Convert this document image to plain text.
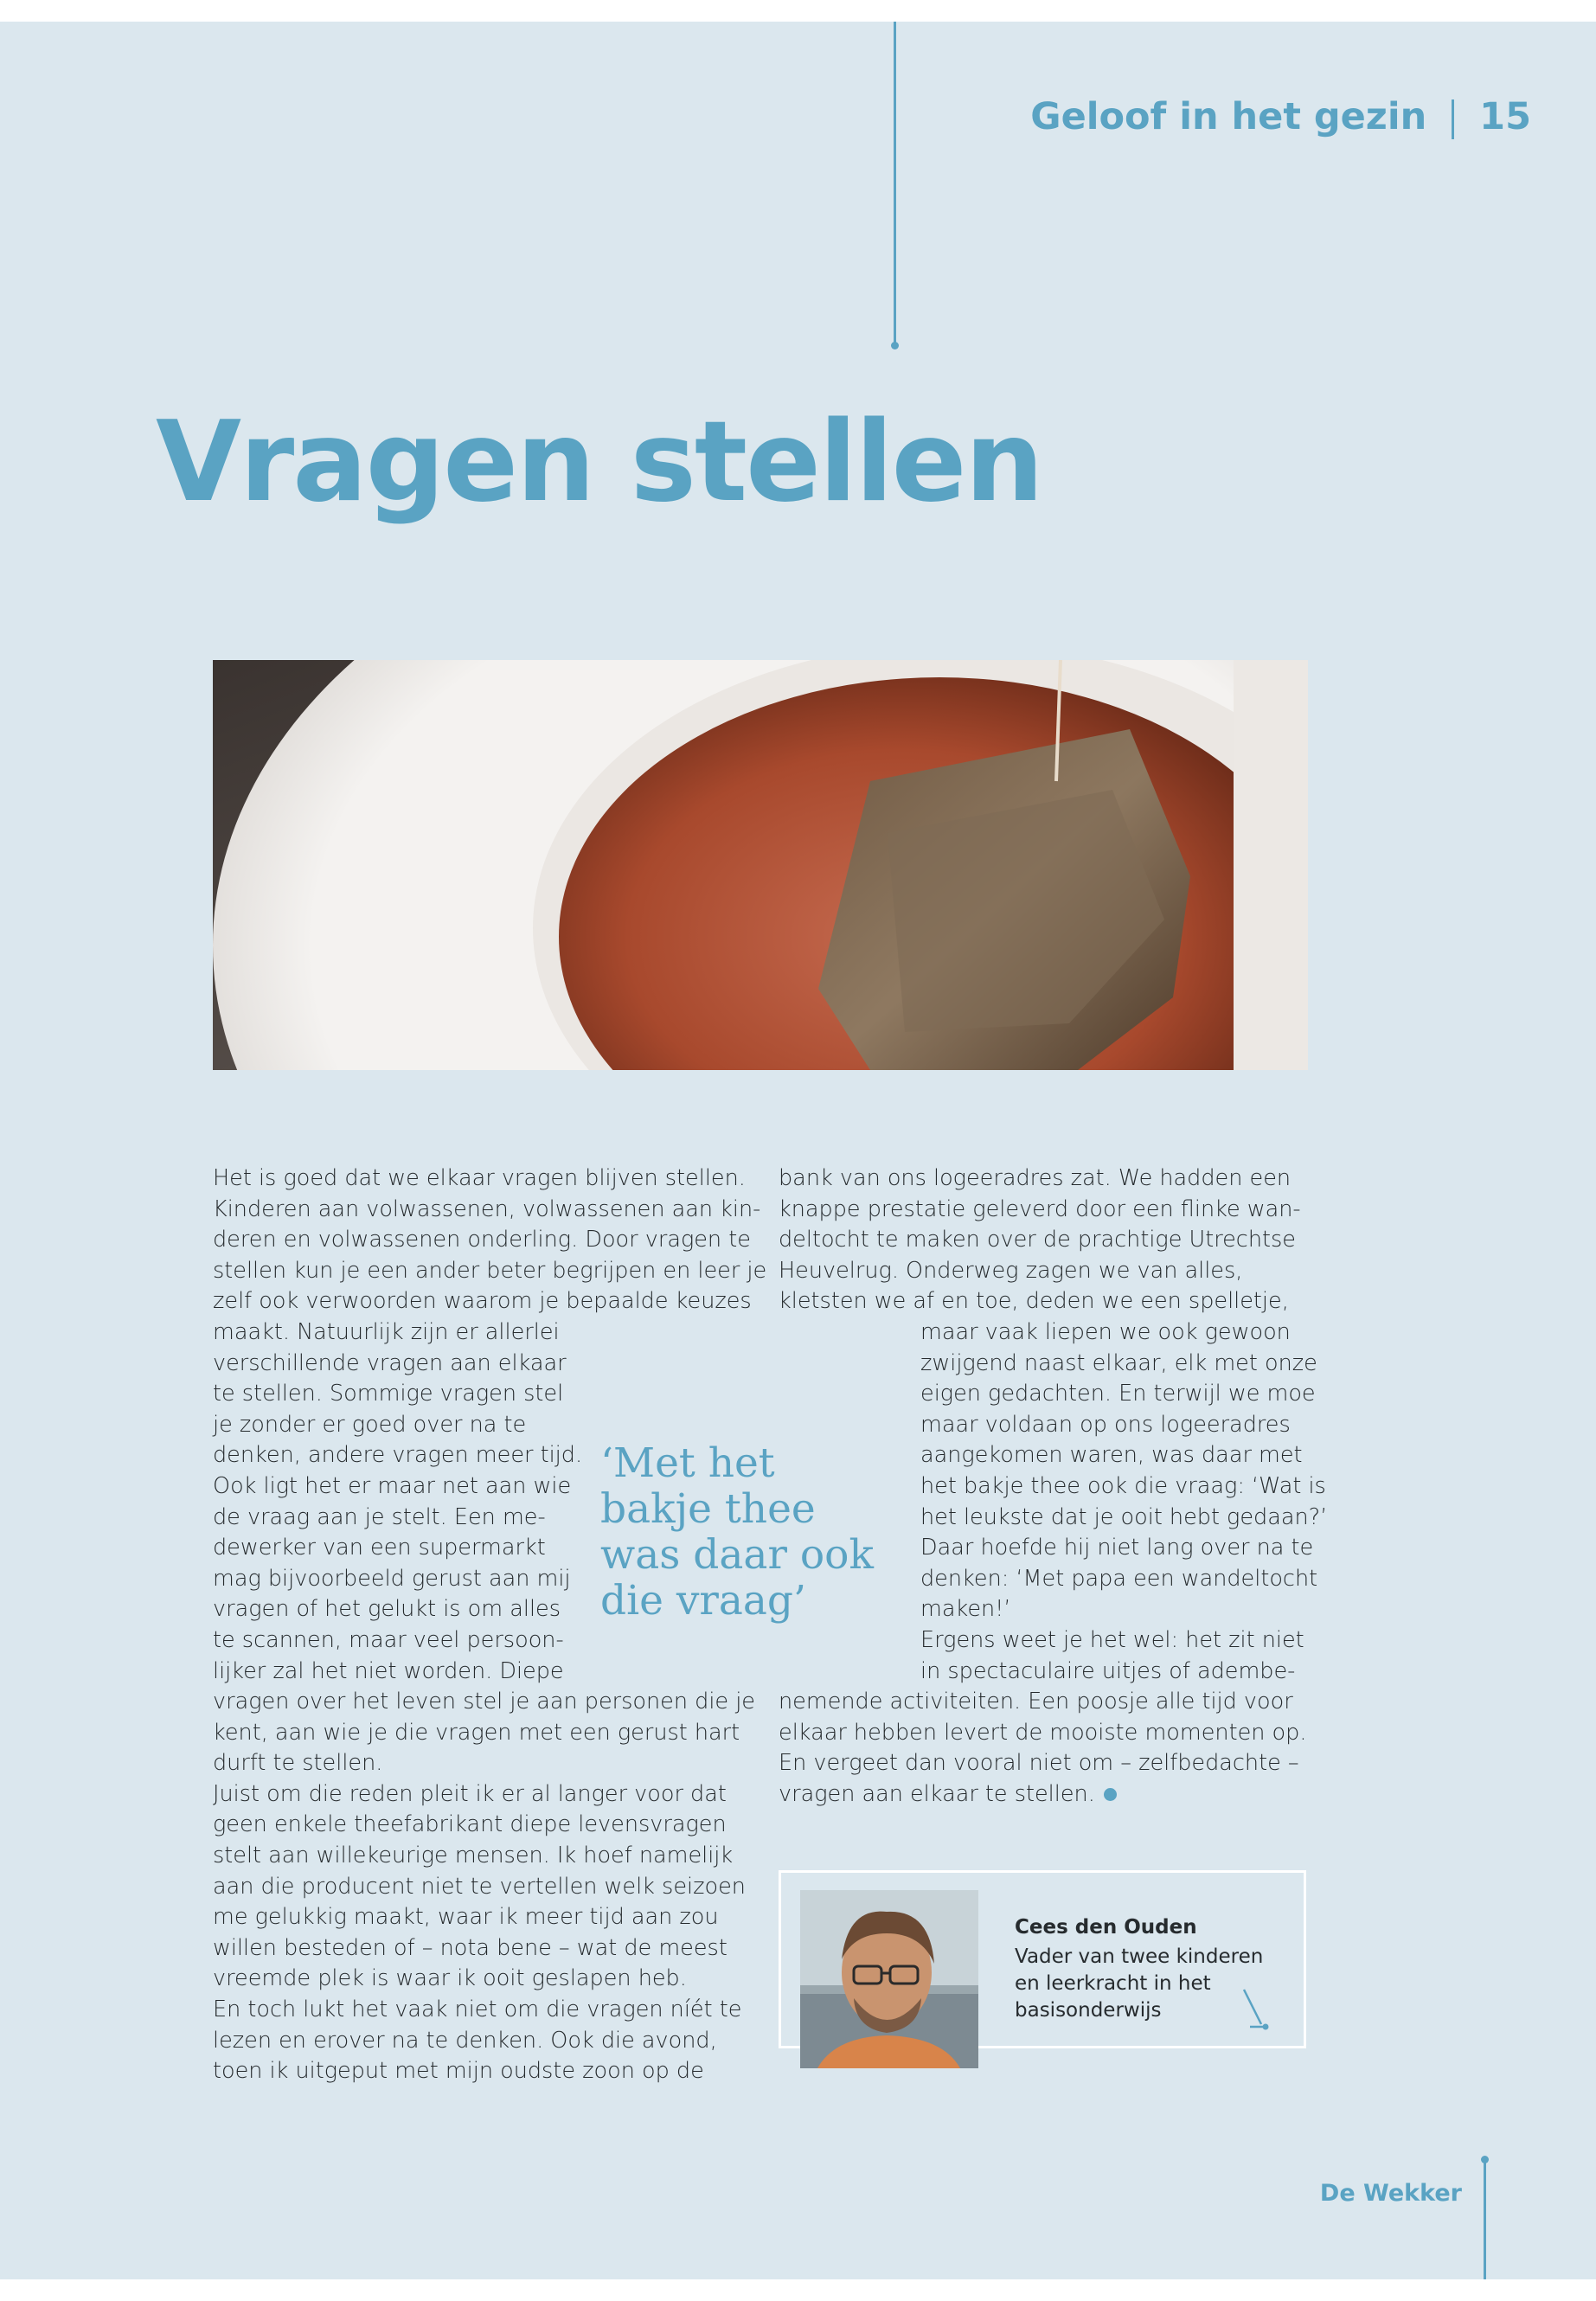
Geloof in het gezin 15
Vragen stellen
Het is goed dat we elkaar vragen blijven stellen.
Kinderen aan volwassenen, volwassenen aan kin-
deren en volwassenen onderling. Door vragen te
stellen kun je een ander beter begrijpen en leer je
zelf ook verwoorden waarom je bepaalde keuzes
maakt. Natuurlijk zijn er allerlei
verschillende vragen aan elkaar
te stellen. Sommige vragen stel
je zonder er goed over na te
denken, andere vragen meer tijd.
Ook ligt het er maar net aan wie
de vraag aan je stelt. Een me-
dewerker van een supermarkt
mag bijvoorbeeld gerust aan mij
vragen of het gelukt is om alles
te scannen, maar veel persoon-
lijker zal het niet worden. Diepe
vragen over het leven stel je aan personen die je
kent, aan wie je die vragen met een gerust hart
durft te stellen.
Juist om die reden pleit ik er al langer voor dat
geen enkele theefabrikant diepe levensvragen
stelt aan willekeurige mensen. Ik hoef namelijk
aan die producent niet te vertellen welk seizoen
me gelukkig maakt, waar ik meer tijd aan zou
willen besteden of – nota bene – wat de meest
vreemde plek is waar ik ooit geslapen heb.
En toch lukt het vaak niet om die vragen níét te
lezen en erover na te denken. Ook die avond,
toen ik uitgeput met mijn oudste zoon op de
‘Met het bakje thee was daar ook die vraag’
bank van ons logeeradres zat. We hadden een
knappe prestatie geleverd door een flinke wan-
deltocht te maken over de prachtige Utrechtse
Heuvelrug. Onderweg zagen we van alles,
kletsten we af en toe, deden we een spelletje,
maar vaak liepen we ook gewoon
zwijgend naast elkaar, elk met onze
eigen gedachten. En terwijl we moe
maar voldaan op ons logeeradres
aangekomen waren, was daar met
het bakje thee ook die vraag: ‘Wat is
het leukste dat je ooit hebt gedaan?’
Daar hoefde hij niet lang over na te
denken: ‘Met papa een wandeltocht
maken!’
Ergens weet je het wel: het zit niet
in spectaculaire uitjes of adembe-
nemende activiteiten. Een poosje alle tijd voor
elkaar hebben levert de mooiste momenten op.
En vergeet dan vooral niet om – zelfbedachte –
vragen aan elkaar te stellen.
Cees den Ouden
Vader van twee kinderen en leerkracht in het basisonderwijs
De Wekker
